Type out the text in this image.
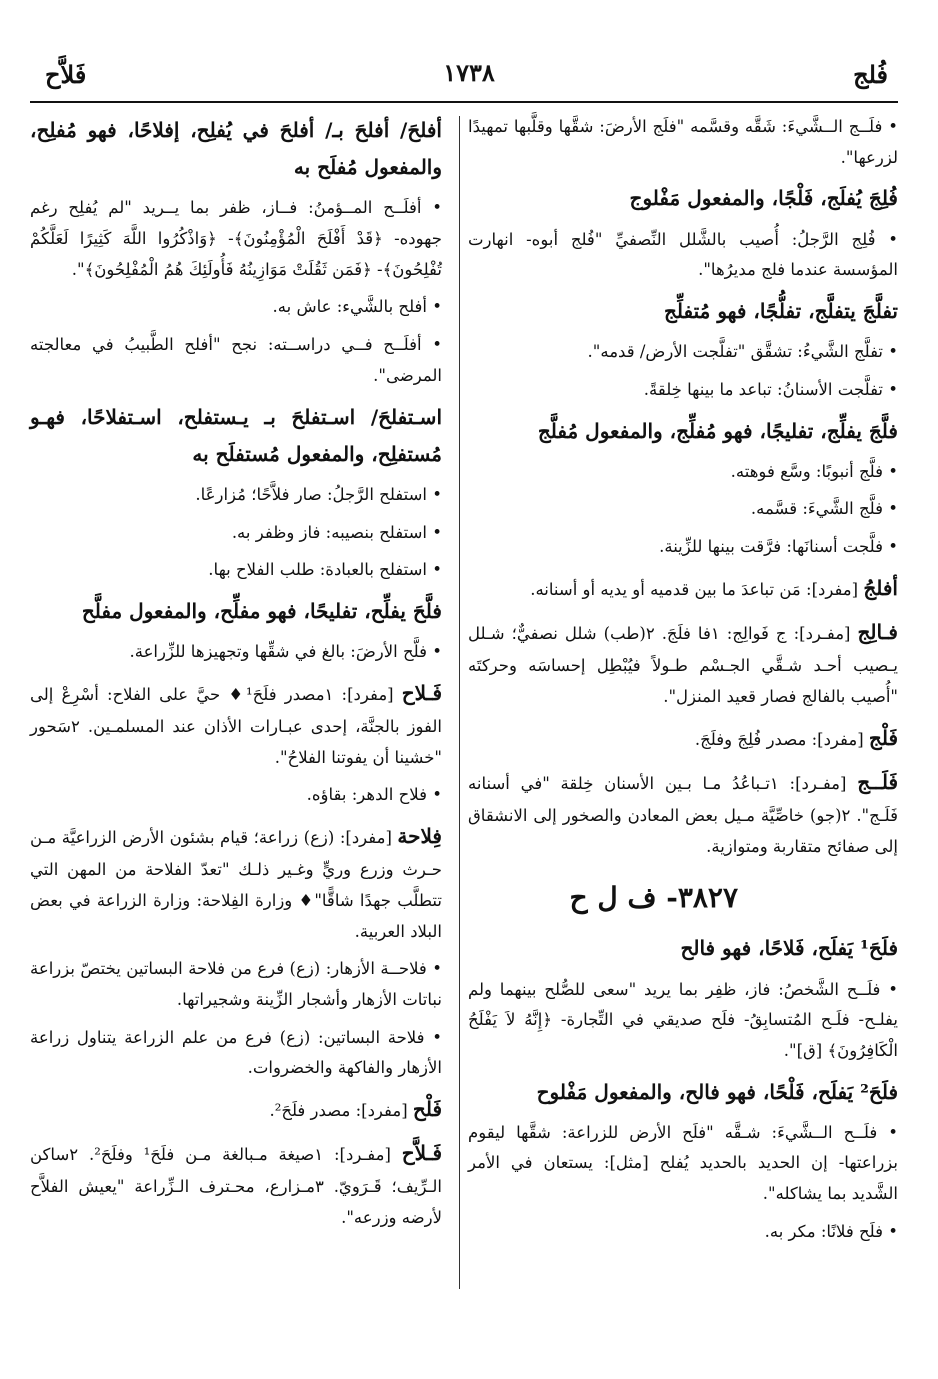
فُلج
١٧٣٨
فَلاَّح

• فلَــج الــشَّيءَ: شَقَّه وقسَّمه "فلَج الأرضَ: شقَّها وقلَّبها تمهيدًا لزرعها".

فُلِجَ يُفلَج، فَلْجًا، والمفعول مَفْلوج

• فُلِج الرَّجلُ: أُصيب بالشَّلل النِّصفيِّ "فُلج أبوه- انهارت المؤسسة عندما فلج مديرُها".

تفلَّجَ يتفلَّج، تفلُّجًا، فهو مُتفلِّج

• تفلَّج الشَّيءُ: تشقَّق "تفلَّجت الأرض/ قدمه".

• تفلَّجت الأسنانُ: تباعد ما بينها خِلقةً.

فلَّجَ يفلِّج، تفليجًا، فهو مُفلِّج، والمفعول مُفلَّج

• فلَّج أنبوبًا: وسَّع فوهته.

• فلَّج الشَّيءَ: قسَّمه.

• فلَّجت أسنانَها: فرَّقت بينها للزِّينة.

أفلجُ [مفرد]: مَن تباعدَ ما بين قدميه أو يديه أو أسنانه.

فـالِج [مفـرد]: ج فَوالِج: ١فا فلَجَ. ٢(طب) شلل نصفيٌّ؛ شـلل يـصيب أحـد شـقَّي الجـسْم طـولاً فيُبْطِل إحساسَه وحركتَه "أُصيب بالفالج فصار قعيد المنزل".

فَلْج [مفرد]: مصدر فُلِجَ وفلَجَ.

فَلَــج [مفـرد]: ١تـباعُدُ مـا بـين الأسنان خِلقة "في أسنانه فَلَـج". ٢(جو) خاصِّيَّة مـيل بعض المعادن والصخور إلى الانشقاق إلى صفائح متقاربة ومتوازية.

٣٨٢٧- ف ل ح

فلَحَ¹ يَفلَح، فَلاحًا، فهو فالح

• فلَــح الشَّخصُ: فاز، ظفِر بما يريد "سعى للصُّلح بينهما ولم يفلـح- فلَـح المُتسابِقُ- فلَح صديقي في التِّجارة- ﴿إِنَّهُ لاَ يَفْلَحُ الْكَافِرُونَ﴾ [ق]".

فلَحَ² يَفلَح، فَلْحًا، فهو فالح، والمفعول مَفْلوح

• فلَــح الــشَّيءَ: شـقَّه "فلَح الأرض للزراعة: شقَّها ليقوم بزراعتها- إن الحديد بالحديد يُفلح [مثل]: يستعان في الأمر الشَّديد بما يشاكله".

• فلَح فلانًا: مكر به.

أفلحَ/ أفلحَ بـ/ أفلحَ في يُفلِح، إفلاحًا، فهو مُفلِح، والمفعول مُفلَح به

• أفلَــح المــؤمنُ: فــاز، ظفر بما يــريد "لم يُفلِح رغم جهوده- ﴿قَدْ أَفْلَحَ الْمُؤْمِنُونَ﴾- ﴿وَاذْكُرُوا اللَّهَ كَثِيرًا لَعَلَّكُمْ تُفْلِحُونَ﴾- ﴿فَمَن ثَقُلَتْ مَوَازِينُهُ فَأُولَئِكَ هُمُ الْمُفْلِحُونَ﴾".

• أفلح بالشَّيء: عاش به.

• أفلَــح فــي دراســته: نجح "أفلح الطَّبيبُ في معالجته المرضى".

اسـتفلحَ/ اسـتفلحَ بـ يـستفلح، اسـتفلاحًا، فهـو مُستفلِح، والمفعول مُستفلَح به

• استفلح الرَّجلُ: صار فلاَّحًا؛ مُزارعًا.

• استفلح بنصيبه: فاز وظفر به.

• استفلح بالعبادة: طلب الفلاح بها.

فلَّحَ يفلِّح، تفليحًا، فهو مفلِّح، والمفعول مفلَّح

• فلَّح الأرضَ: بالغ في شقِّها وتجهيزها للزِّراعة.

فَـلاح [مفرد]: ١مصدر فلَحَ¹♦ حيَّ على الفلاح: أسْرِعْ إلى الفوز بالجنَّة، إحدى عبـارات الأذان عند المسلمـين. ٢سَحور "خشينا أن يفوتنا الفلاحُ".

• فلاح الدهر: بقاؤه.

فِلاحة [مفرد]: (زع) زراعة؛ قيام بشئون الأرض الزراعيَّة مـن حـرث وزرع وريٍّ وغـير ذلـك "تعدّ الفلاحة من المهن التي تتطلَّب جهدًا شاقًّا"♦ وزارة الفِلاحة: وزارة الزراعة في بعض البلاد العربية.

• فلاحــة الأزهار: (زع) فرع من فلاحة البساتين يختصّ بزراعة نباتات الأزهار وأشجار الزِّينة وشجيراتها.

• فلاحة البساتين: (زع) فرع من علم الزراعة يتناول زراعة الأزهار والفاكهة والخضروات.

فَلْح [مفرد]: مصدر فلَحَ².

فَـلاَّح [مفـرد]: ١صيغة مـبالغة مـن فلَحَ¹ وفلَحَ². ٢ساكن الـرِّيف؛ قَـرَويّ. ٣مـزارع، محـترف الـزِّراعة "يعيش الفلاَّح لأرضه وزرعه".
